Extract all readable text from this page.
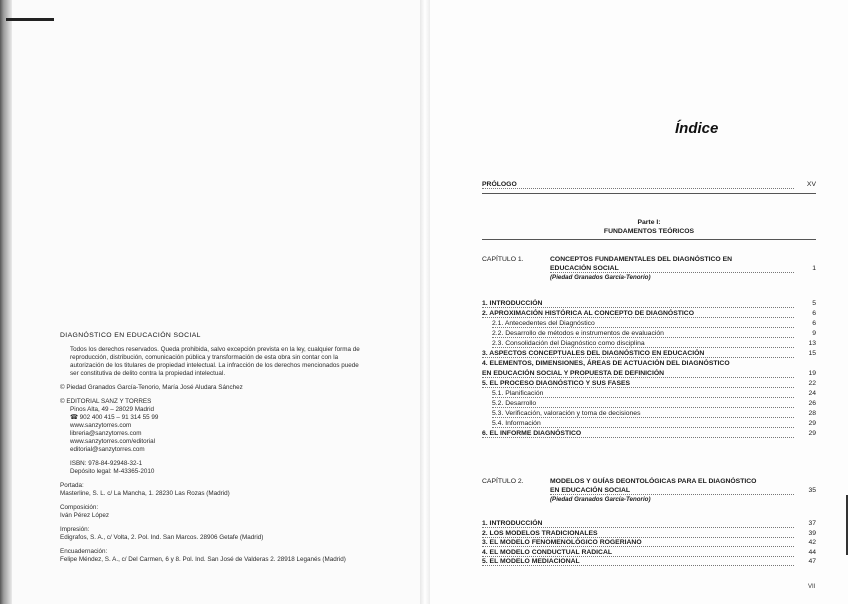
DIAGNÓSTICO EN EDUCACIÓN SOCIAL

Todos los derechos reservados. Queda prohibida, salvo excepción prevista en la ley, cualquier forma de reproducción, distribución, comunicación pública y transformación de esta obra sin contar con la autorización de los titulares de propiedad intelectual. La infracción de los derechos mencionados puede ser constitutiva de delito contra la propiedad intelectual.

© Piedad Granados García-Tenorio, María José Aludara Sánchez

© EDITORIAL SANZ Y TORRES
Pinos Alta, 49 – 28029 Madrid
☎ 902 400 415 – 91 314 55 99
www.sanzytorres.com
libreria@sanzytorres.com
www.sanzytorres.com/editorial
editorial@sanzytorres.com
ISBN: 978-84-92948-32-1
Depósito legal: M-43365-2010
Portada:
Masterline, S. L. c/ La Mancha, 1. 28230 Las Rozas (Madrid)
Composición:
Iván Pérez López
Impresión:
Edigrafos, S. A., c/ Volta, 2. Pol. Ind. San Marcos. 28906 Getafe (Madrid)
Encuadernación:
Felipe Méndez, S. A., c/ Del Carmen, 6 y 8. Pol. Ind. San José de Valderas 2. 28918 Leganés (Madrid)
Índice
PRÓLOGO	XV
Parte I:
FUNDAMENTOS TEÓRICOS
CAPÍTULO 1.	CONCEPTOS FUNDAMENTALES DEL DIAGNÓSTICO EN
EDUCACIÓN SOCIAL	1
(Piedad Granados García-Tenorio)
1. INTRODUCCIÓN	5
2. APROXIMACIÓN HISTÓRICA AL CONCEPTO DE DIAGNÓSTICO	6
2.1. Antecedentes del Diagnóstico	6
2.2. Desarrollo de métodos e instrumentos de evaluación	9
2.3. Consolidación del Diagnóstico como disciplina	13
3. ASPECTOS CONCEPTUALES DEL DIAGNÓSTICO EN EDUCACIÓN	15
4. ELEMENTOS, DIMENSIONES, ÁREAS DE ACTUACIÓN DEL DIAGNÓSTICO
EN EDUCACIÓN SOCIAL Y PROPUESTA DE DEFINICIÓN	19
5. EL PROCESO DIAGNÓSTICO Y SUS FASES	22
5.1. Planificación	24
5.2. Desarrollo	26
5.3. Verificación, valoración y toma de decisiones	28
5.4. Información	29
6. EL INFORME DIAGNÓSTICO	29
CAPÍTULO 2.	MODELOS Y GUÍAS DEONTOLÓGICAS PARA EL DIAGNÓSTICO
EN EDUCACIÓN SOCIAL	35
(Piedad Granados García-Tenorio)
1. INTRODUCCIÓN	37
2. LOS MODELOS TRADICIONALES	39
3. EL MODELO FENOMENOLÓGICO ROGERIANO	42
4. EL MODELO CONDUCTUAL RADICAL	44
5. EL MODELO MEDIACIONAL	47
VII
